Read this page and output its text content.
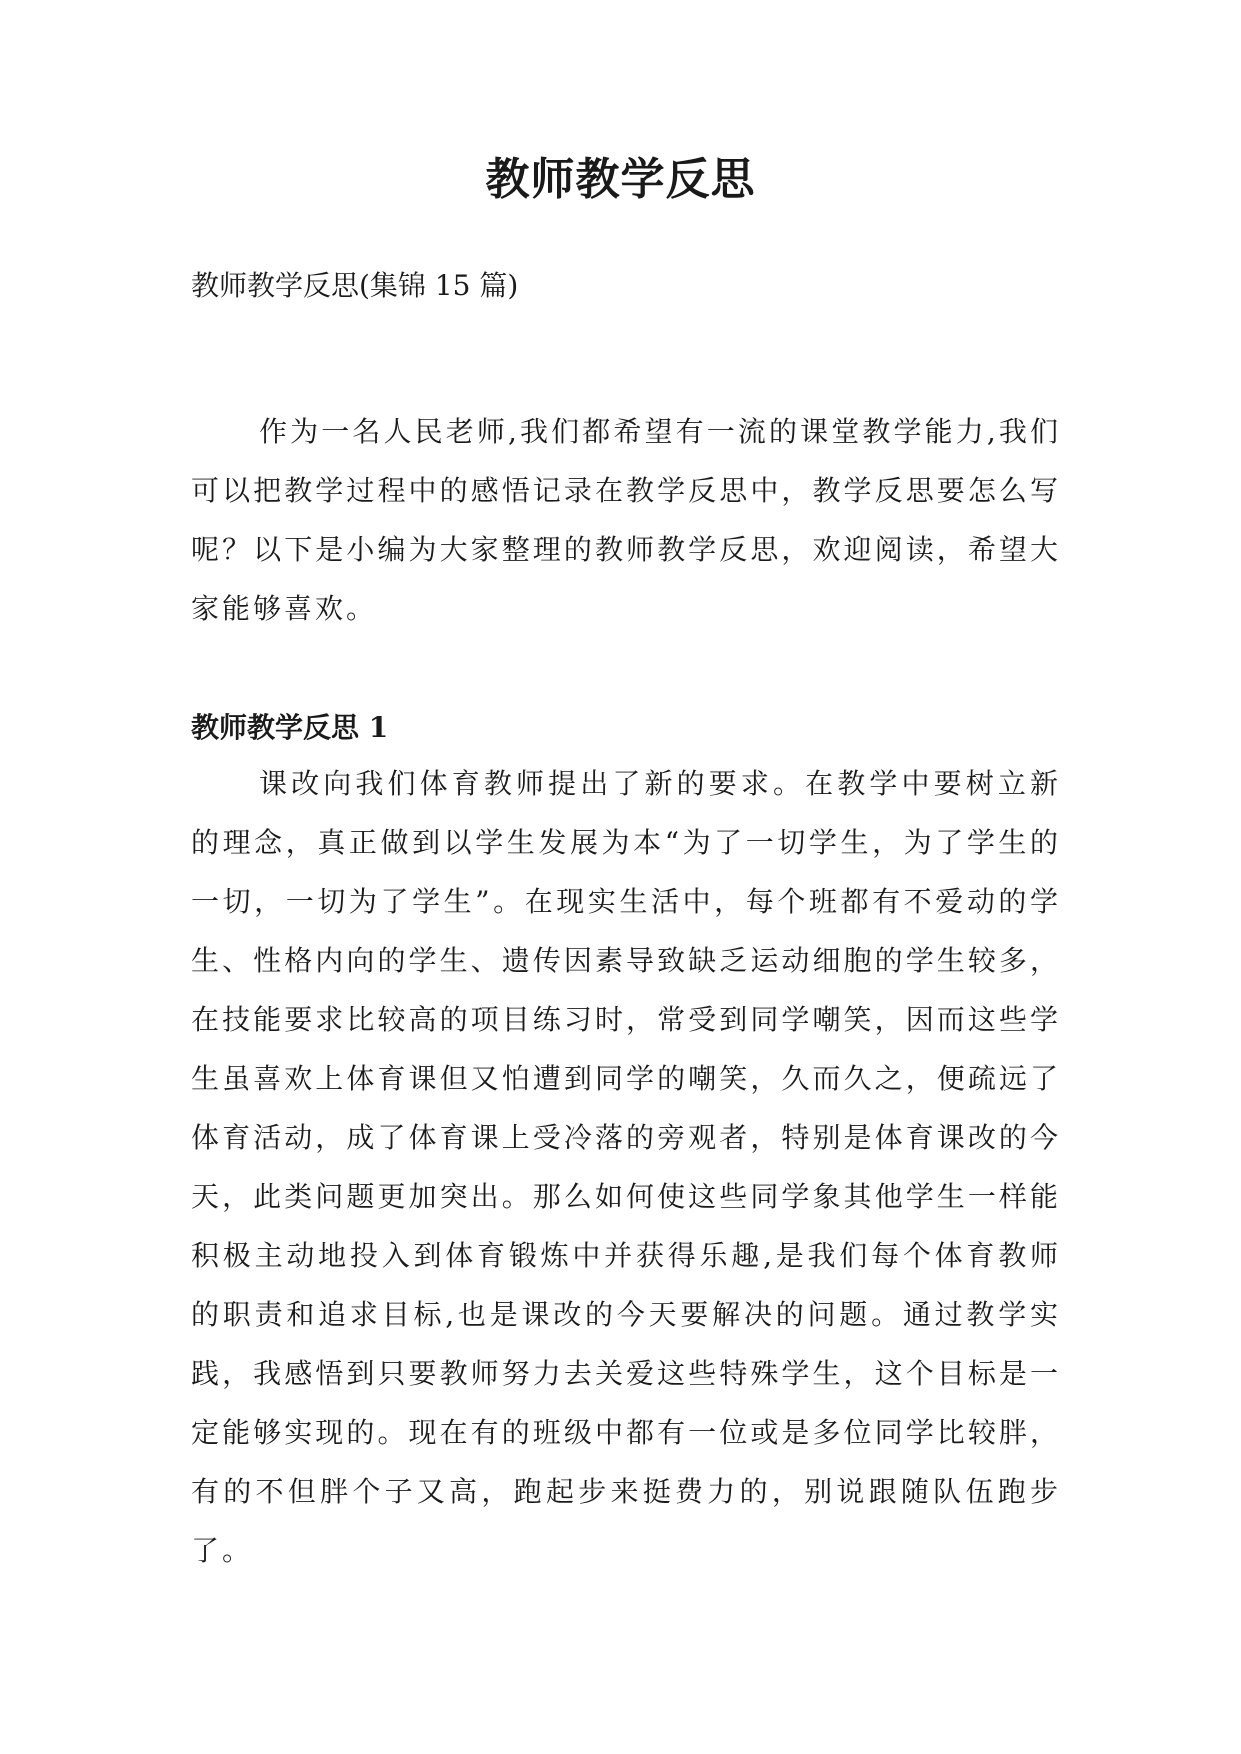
教师教学反思

教师教学反思(集锦 15 篇)

作为一名人民老师,我们都希望有一流的课堂教学能力,我们可以把教学过程中的感悟记录在教学反思中，教学反思要怎么写呢？以下是小编为大家整理的教师教学反思，欢迎阅读，希望大家能够喜欢。

教师教学反思 1

课改向我们体育教师提出了新的要求。在教学中要树立新的理念，真正做到以学生发展为本“为了一切学生，为了学生的一切，一切为了学生”。在现实生活中，每个班都有不爱动的学生、性格内向的学生、遗传因素导致缺乏运动细胞的学生较多，在技能要求比较高的项目练习时，常受到同学嘲笑，因而这些学生虽喜欢上体育课但又怕遭到同学的嘲笑，久而久之，便疏远了体育活动，成了体育课上受冷落的旁观者，特别是体育课改的今天，此类问题更加突出。那么如何使这些同学象其他学生一样能积极主动地投入到体育锻炼中并获得乐趣,是我们每个体育教师的职责和追求目标,也是课改的今天要解决的问题。通过教学实践，我感悟到只要教师努力去关爱这些特殊学生，这个目标是一定能够实现的。现在有的班级中都有一位或是多位同学比较胖，有的不但胖个子又高，跑起步来挺费力的，别说跟随队伍跑步了。
